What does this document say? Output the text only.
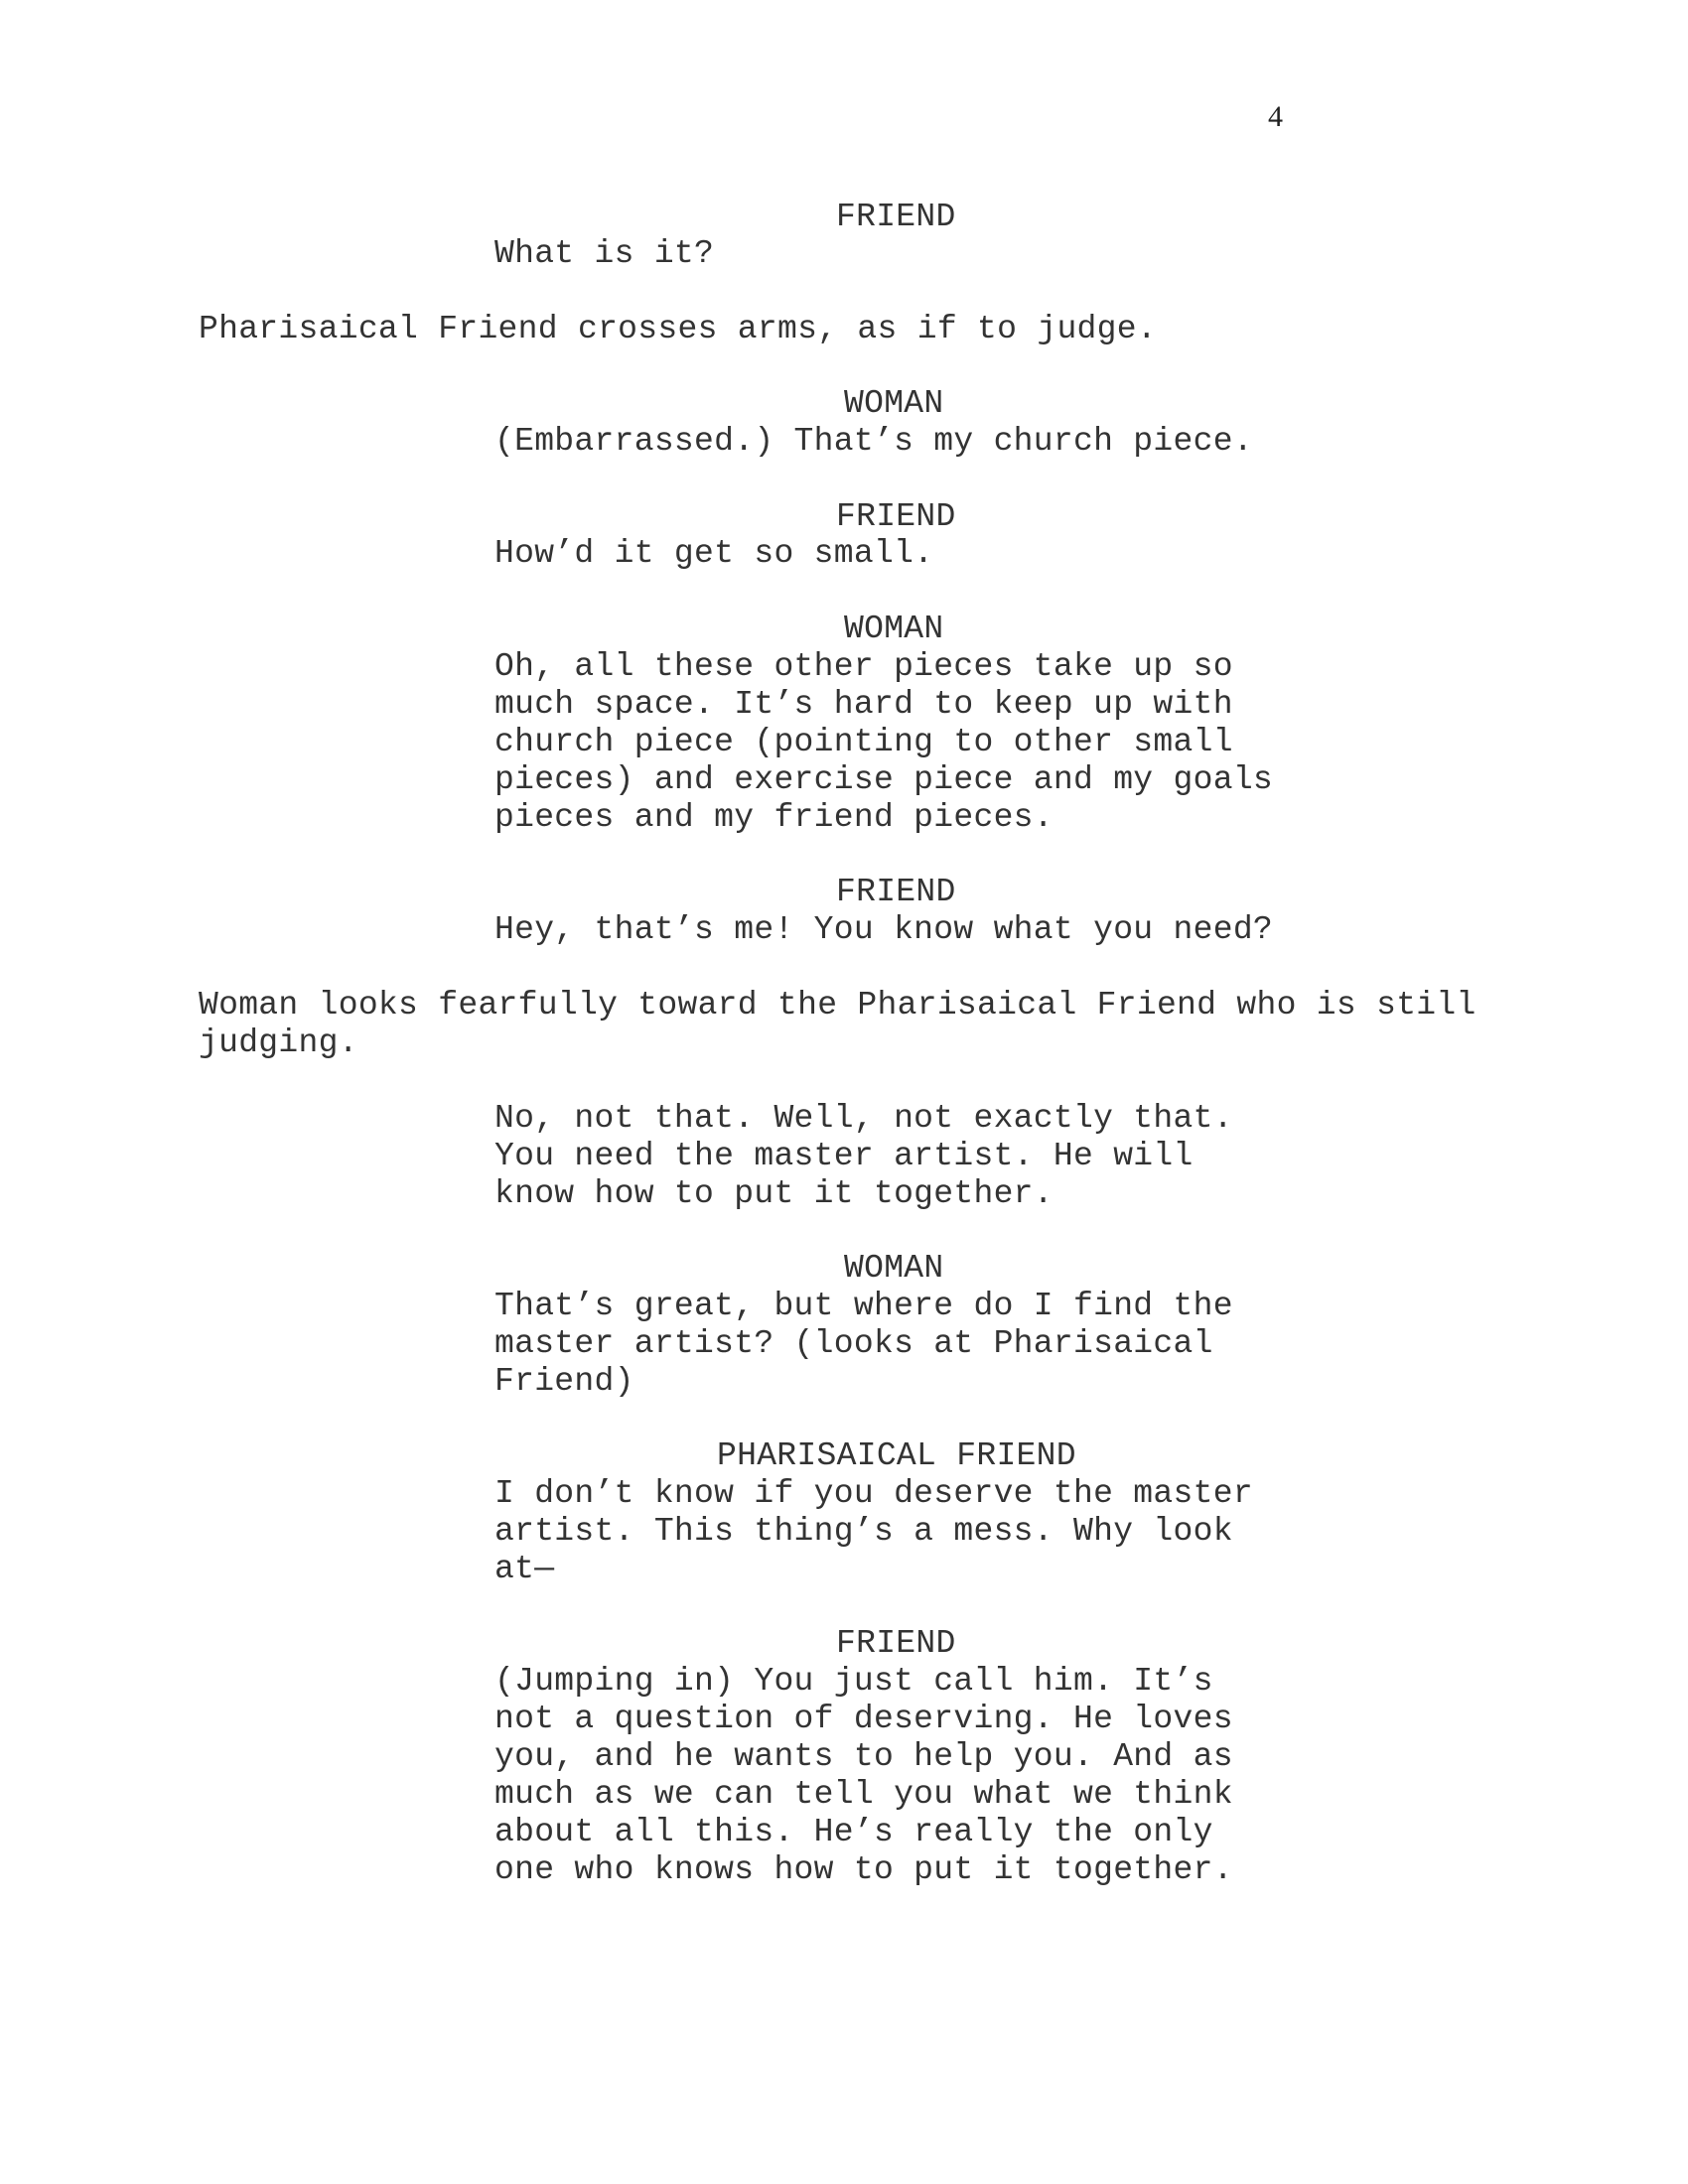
4
FRIEND
What is it?
Pharisaical Friend crosses arms, as if to judge.
WOMAN
(Embarrassed.) That’s my church piece.
FRIEND
How’d it get so small.
WOMAN
Oh, all these other pieces take up so
much space. It’s hard to keep up with
church piece (pointing to other small
pieces) and exercise piece and my goals
pieces and my friend pieces.
FRIEND
Hey, that’s me! You know what you need?
Woman looks fearfully toward the Pharisaical Friend who is still
judging.
No, not that. Well, not exactly that.
You need the master artist. He will
know how to put it together.
WOMAN
That’s great, but where do I find the
master artist? (looks at Pharisaical
Friend)
PHARISAICAL FRIEND
I don’t know if you deserve the master
artist. This thing’s a mess. Why look
at—
FRIEND
(Jumping in) You just call him. It’s
not a question of deserving. He loves
you, and he wants to help you. And as
much as we can tell you what we think
about all this. He’s really the only
one who knows how to put it together.
